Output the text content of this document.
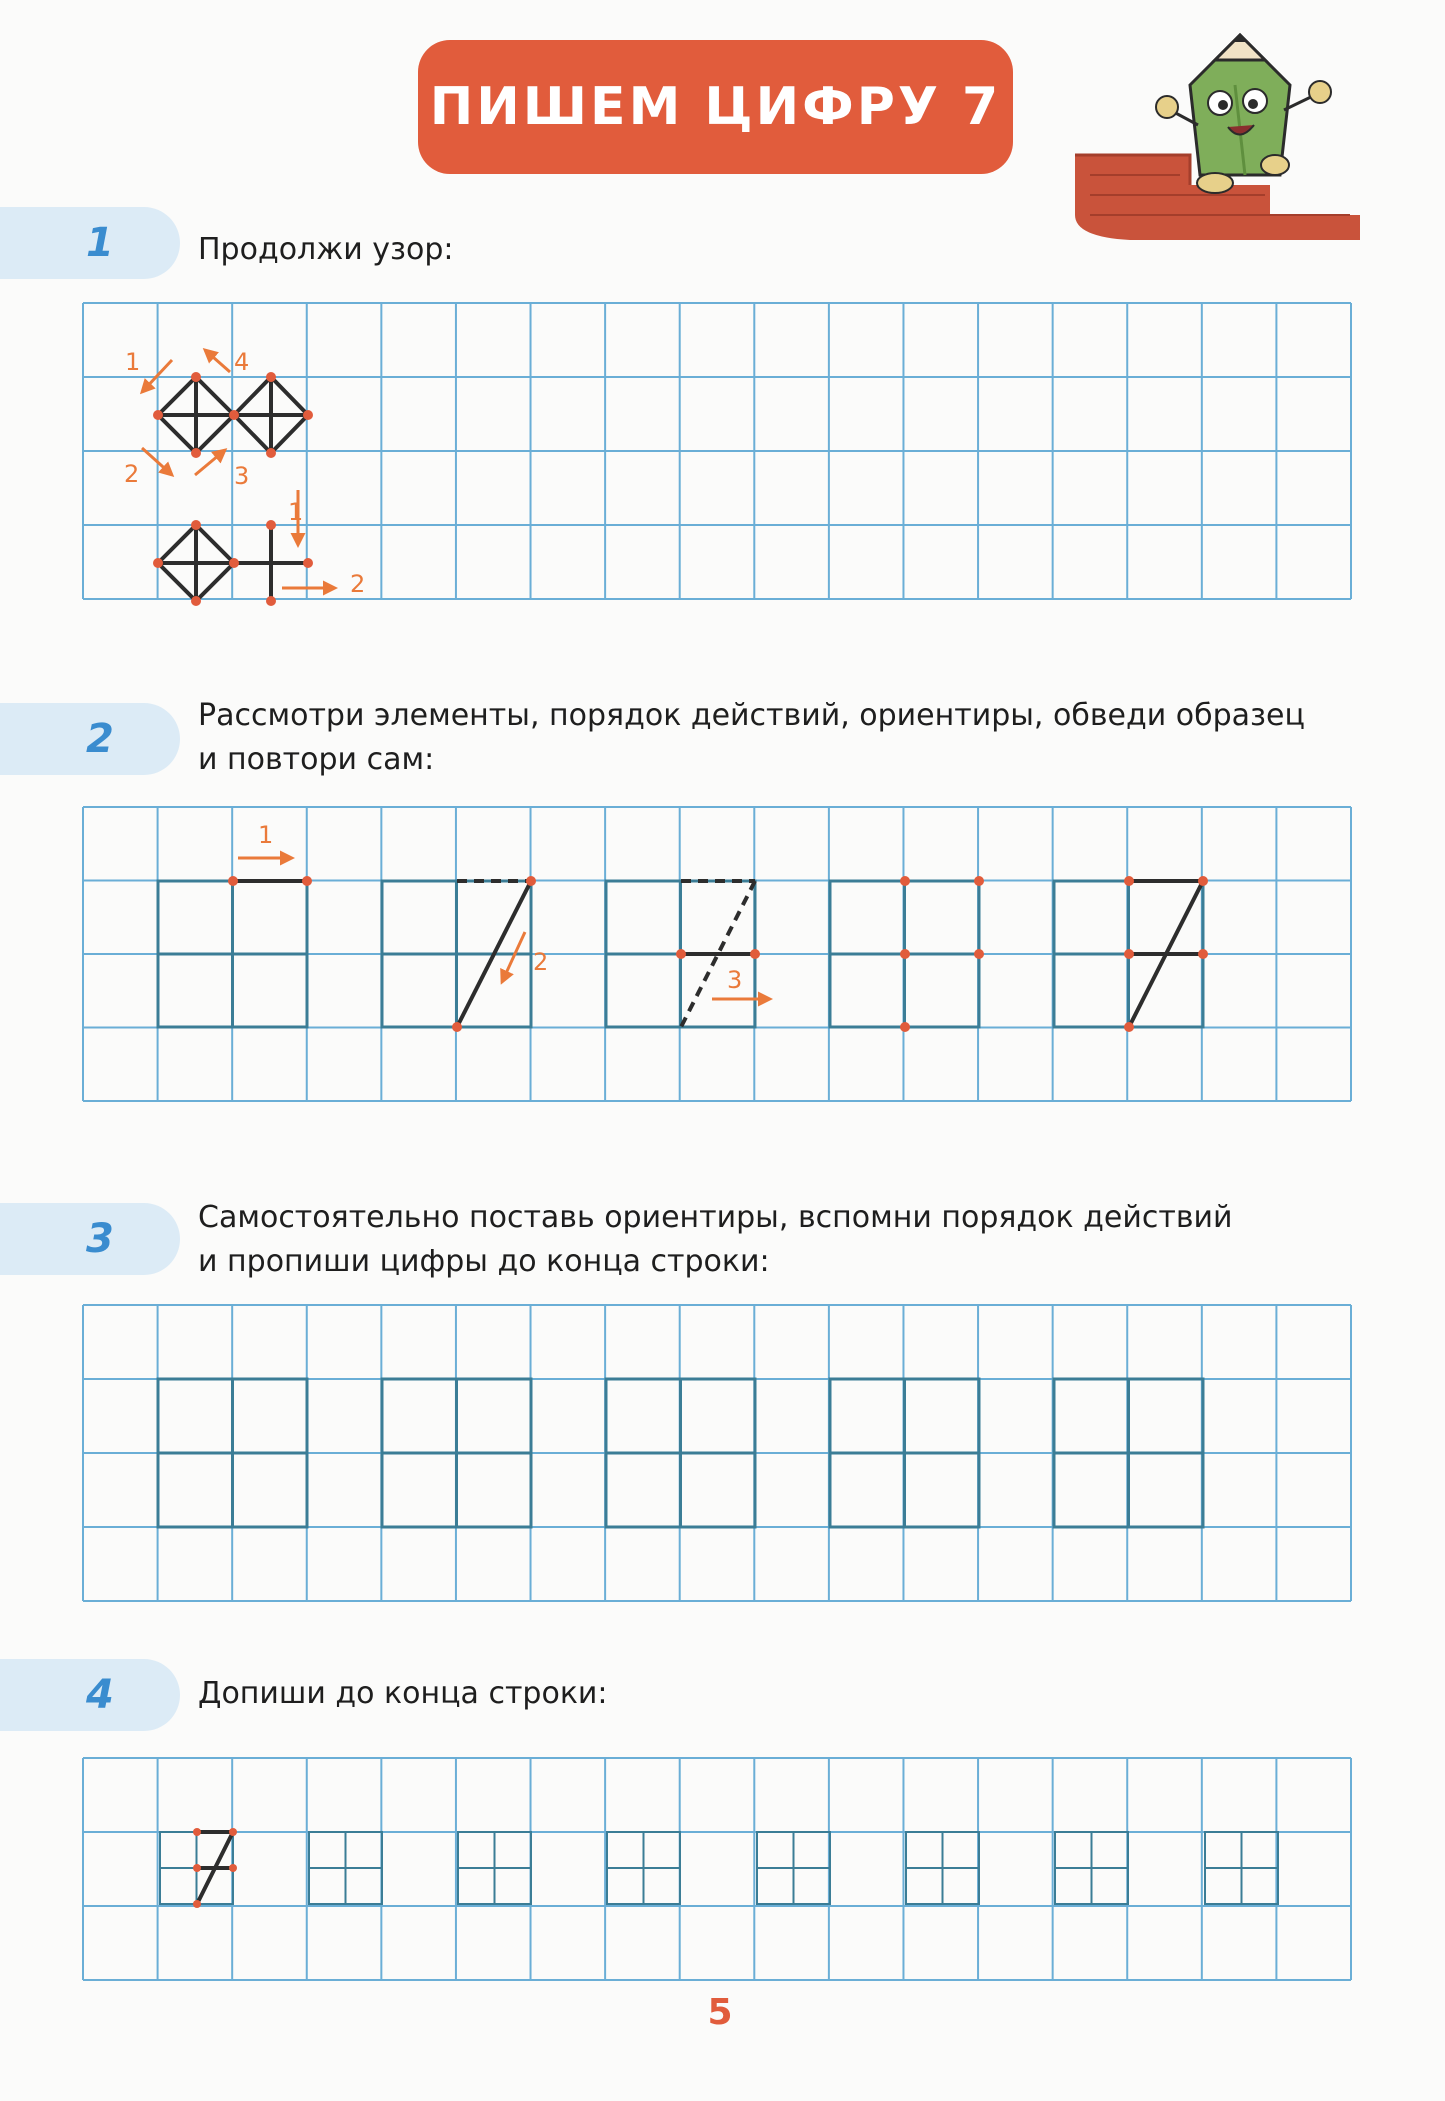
ПИШЕМ ЦИФРУ 7
1	Продолжи узор:
2
Рассмотри элементы, порядок действий, ориентиры, обведи образец
и повтори сам:
3	Самостоятельно поставь ориентиры, вспомни порядок действий
и пропиши цифры до конца строки:
4	Допиши до конца строки:
1
2	3
4
1
2
1
2
3
5
